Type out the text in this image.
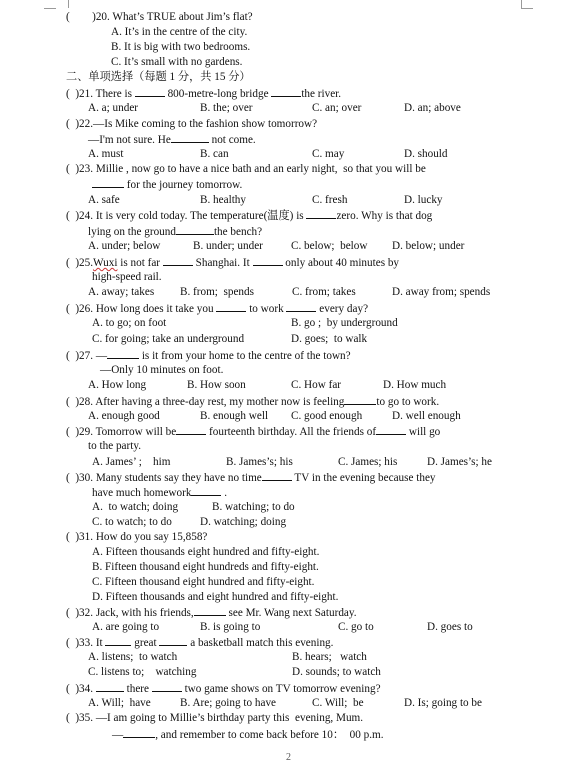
(        )20. What’s TRUE about Jim’s flat?
A. It’s in the centre of the city.
B. It is big with two bedrooms.
C. It’s small with no gardens.
二、单项选择（每题 1 分，共 15 分）
(  )21. There is	800-metre-long bridge	the river.
A. a; under	B. the; over	C. an; over	D. an; above
(  )22.—Is Mike coming to the fashion show tomorrow?
—I'm not sure. He	not come.
A. must	B. can	C. may	D. should
(  )23. Millie , now go to have a nice bath and an early night,  so that you will be
for the journey tomorrow.
A. safe	B. healthy	C. fresh	D. lucky
(  )24. It is very cold today. The temperature(温度) is	zero. Why is that dog
lying on the ground	the bench?
A. under; below	B. under; under	C. below;  below D. below; under
(  )25.Wuxi is not far	Shanghai. It	only about 40 minutes by
high-speed rail.
A. away; takes B. from;  spends	C. from; takes	D. away from; spends
(  )26. How long does it take you	to work	every day?
A. to go; on foot	B. go ;  by underground
C. for going; take an underground	D. goes;  to walk
(  )27. —	is it from your home to the centre of the town?
—Only 10 minutes on foot.
A. How long	B. How soon	C. How far	D. How much
(  )28. After having a three-day rest, my mother now is feeling	to go to work.
A. enough good	B. enough well C. good enough	D. well enough
(  )29. Tomorrow will be	fourteenth birthday. All the friends of	will go
to the party.
A. James’ ;    him	B. James’s; his	C. James; his	D. James’s; he
(  )30. Many students say they have no time	TV in the evening because they
have much homework	.
A.  to watch; doing	B. watching; to do
C. to watch; to do	D. watching; doing
(  )31. How do you say 15,858?
A. Fifteen thousands eight hundred and fifty-eight.
B. Fifteen thousand eight hundreds and fifty-eight.
C. Fifteen thousand eight hundred and fifty-eight.
D. Fifteen thousands and eight hundred and fifty-eight.
(  )32. Jack, with his friends,	see Mr. Wang next Saturday.
A. are going to	B. is going to	C. go to	D. goes to
(  )33. It	great	a basketball match this evening.
A. listens;  to watch	B. hears;   watch
C. listens to;    watching	D. sounds; to watch
(  )34.	there	two game shows on TV tomorrow evening?
A. Will;  have	B. Are; going to have	C. Will;  be	D. Is; going to be
(  )35. —I am going to Millie’s birthday party this  evening, Mum.
—	, and remember to come back before 10：  00 p.m.
2
